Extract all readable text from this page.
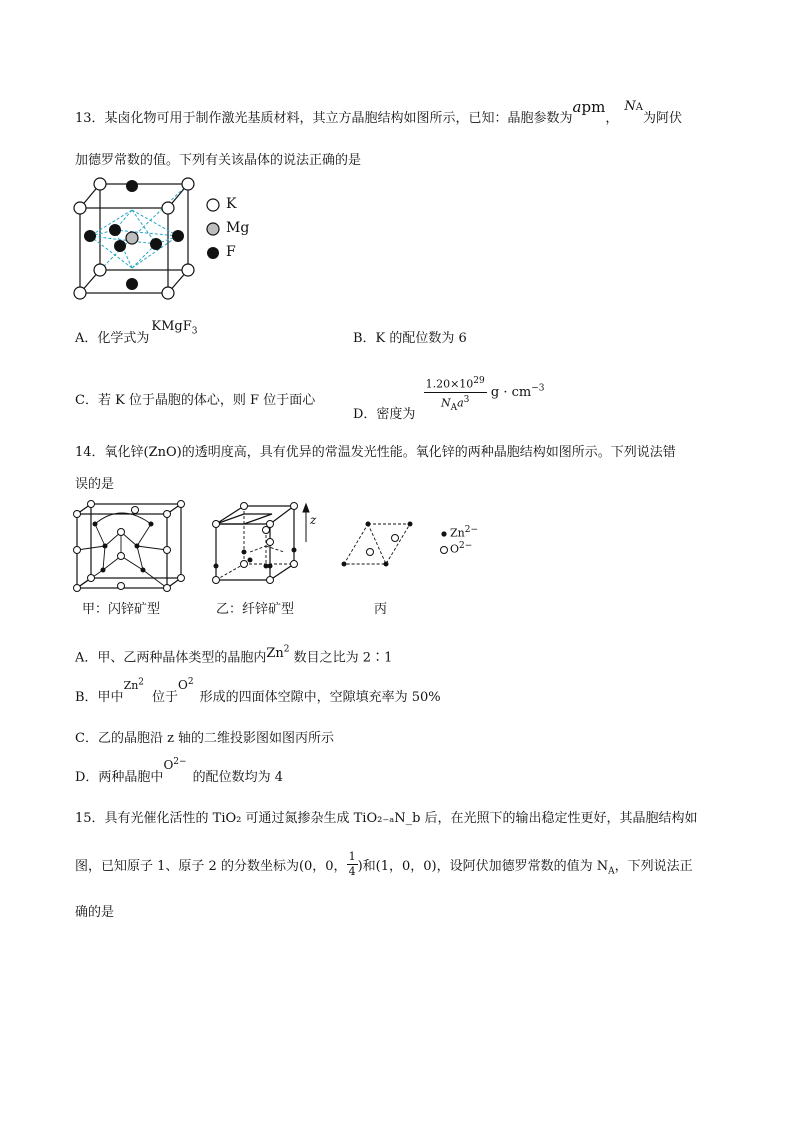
13．某卤化物可用于制作激光基质材料，其立方晶胞结构如图所示，已知：晶胞参数为apm，NA为阿伏
加德罗常数的值。下列有关该晶体的说法正确的是
K
Mg
F
A．化学式为KMgF$_3$	B．K 的配位数为 6
C．若 K 位于晶胞的体心，则 F 位于面心
D．密度为 $\frac{1.20\times 10^{29}}{N_Aa^3}$ $g \cdot cm^{-3}$
14．氧化锌(ZnO)的透明度高，具有优异的常温发光性能。氧化锌的两种晶胞结构如图所示。下列说法错
误的是
甲：闪锌矿型
z
乙：纤锌矿型	丙
$Zn^{2-}$
$O^{2-}$
A．甲、乙两种晶体类型的晶胞内Zn$^2$ 数目之比为 2∶1
B．甲中$^{Zn^2}$位于$O^2$形成的四面体空隙中，空隙填充率为 50%
C．乙的晶胞沿 z 轴的二维投影图如图丙所示
D．两种晶胞中$O^{2-}$的配位数均为 4
15．具有光催化活性的 TiO₂ 可通过氮掺杂生成 TiO₂₋ₐN_b 后，在光照下的输出稳定性更好，其晶胞结构如
图，已知原子 1、原子 2 的分数坐标为(0，0， $\frac{1}{4}$ )和(1，0，0)，设阿伏加德罗常数的值为 $N_A$，下列说法正
确的是
